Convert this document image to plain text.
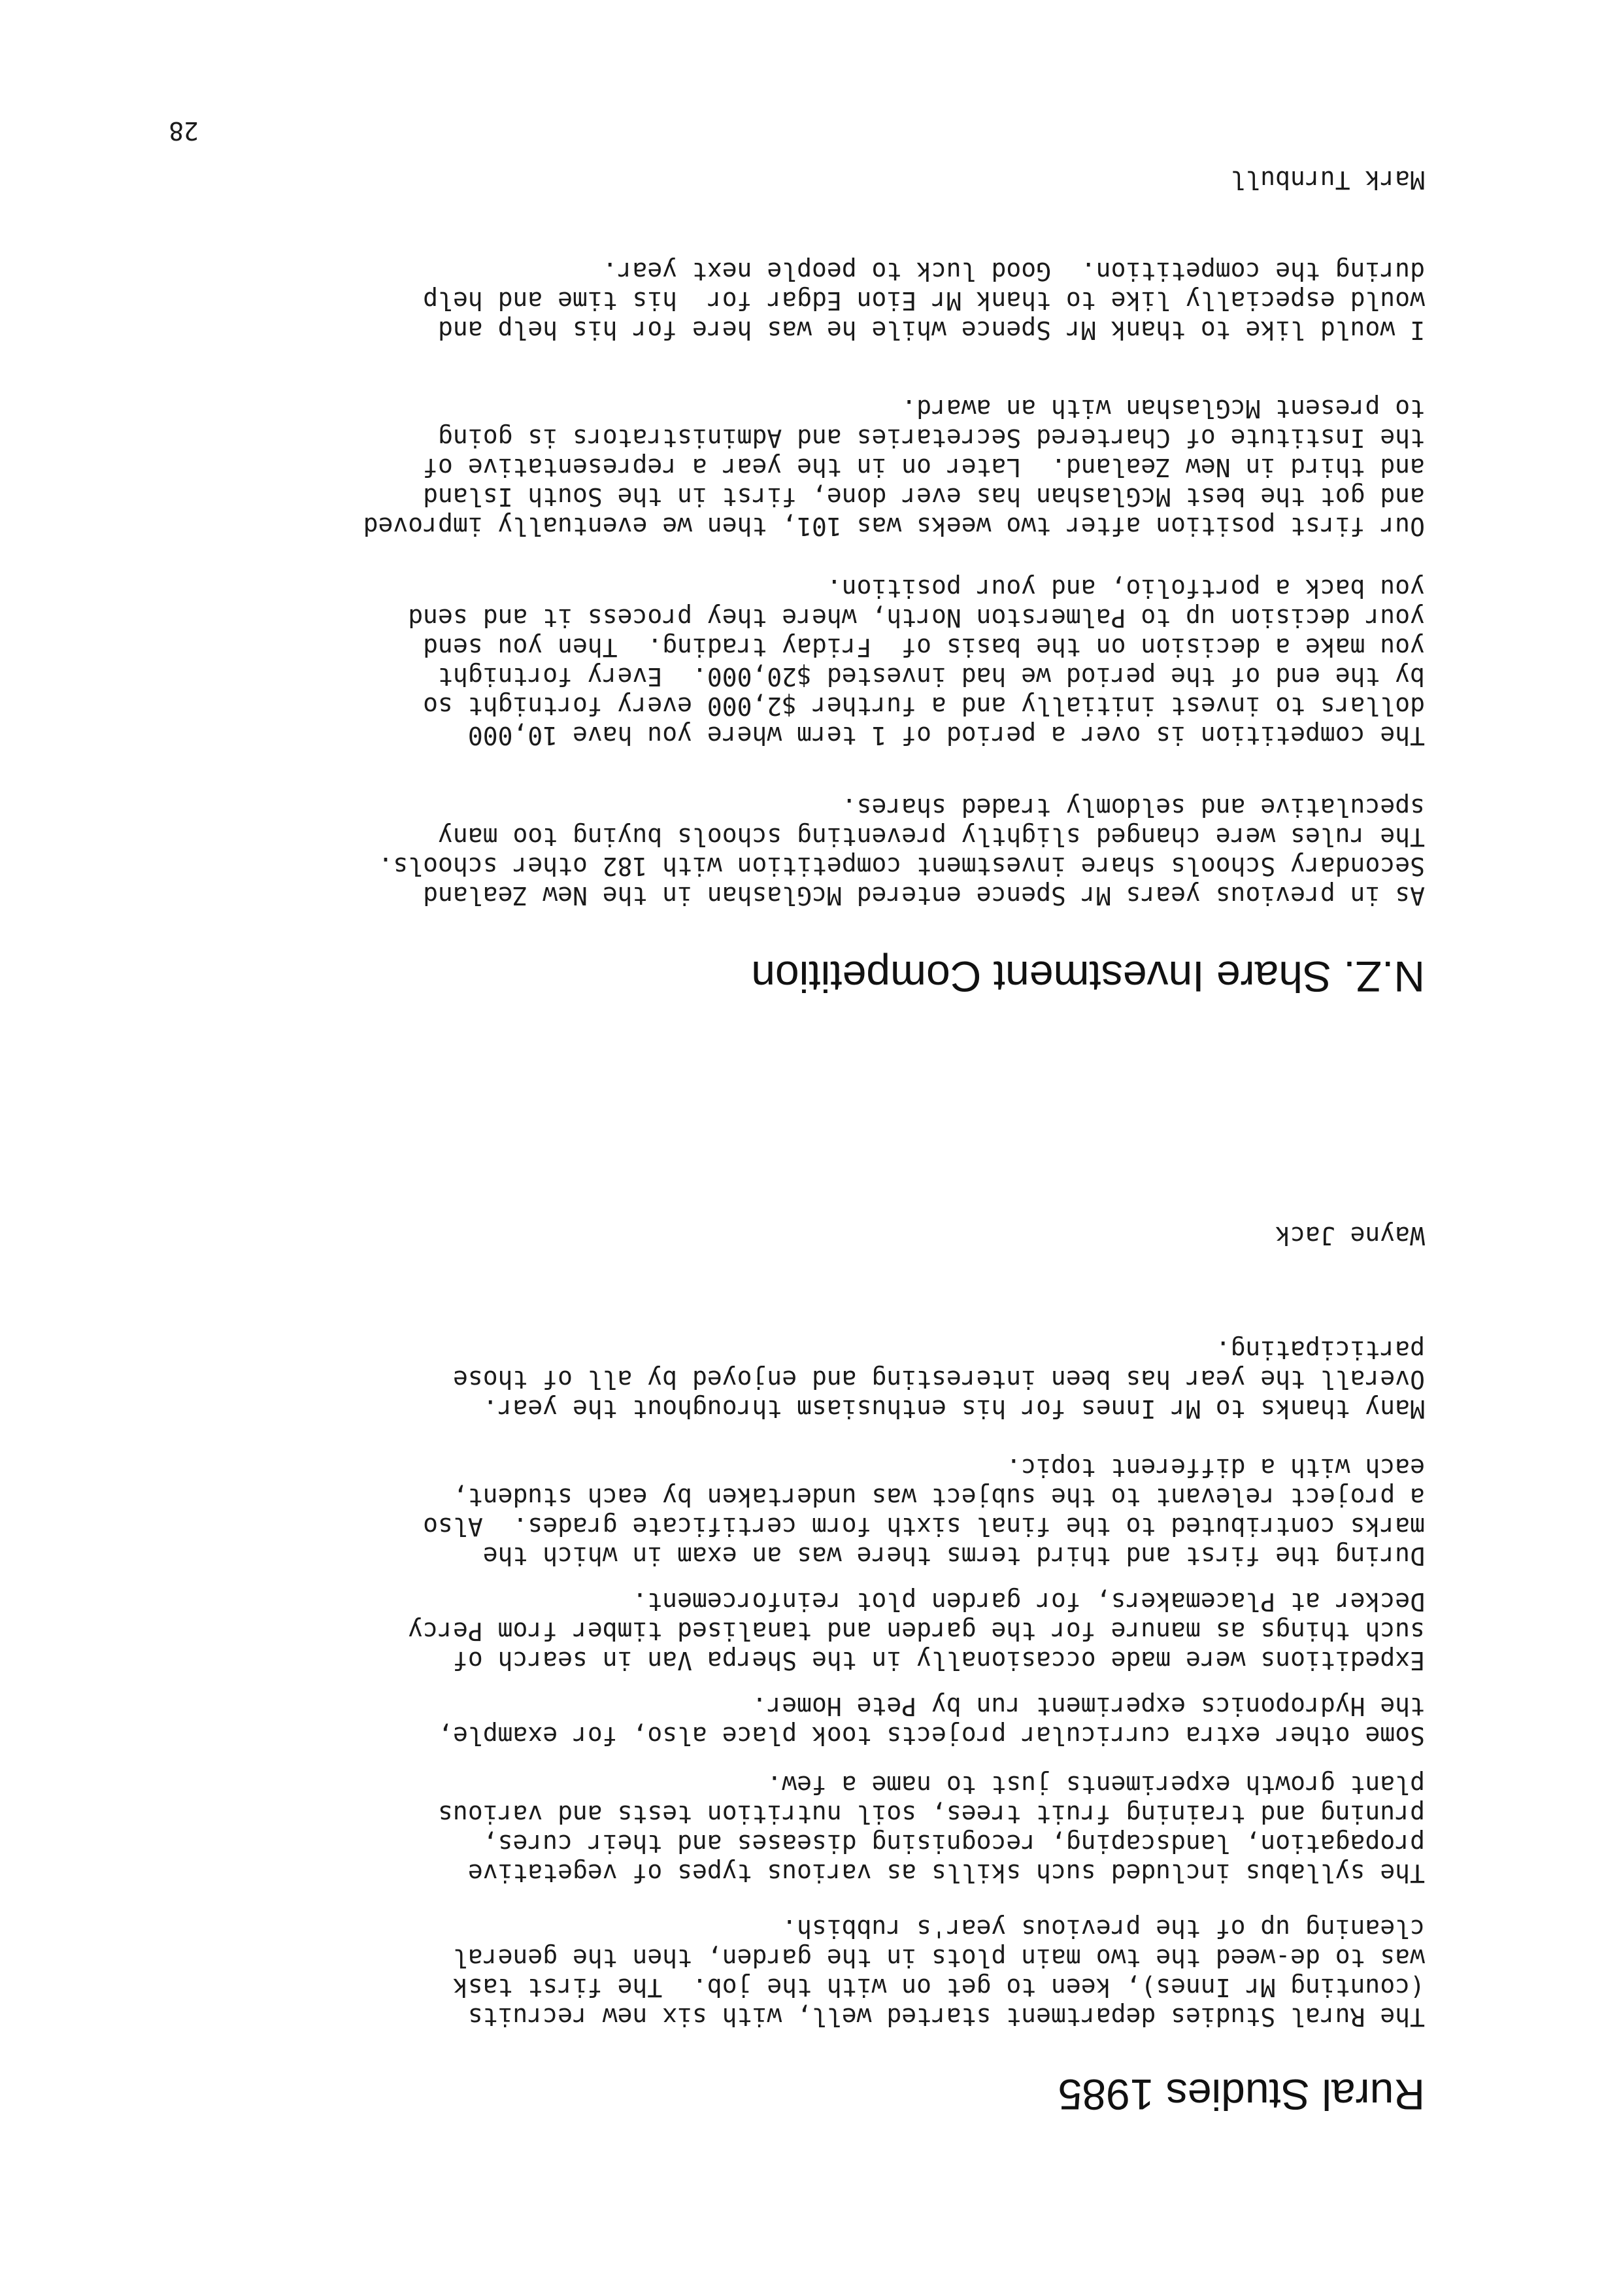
28

Mark Turnbull

I would like to thank Mr Spence while he was here for his help and
would especially like to thank Mr Eion Edgar for  his time and help
during the competition.  Good luck to people next year.
Our first position after two weeks was 101, then we eventually improved
and got the best McGlashan has ever done, first in the South Island
and third in New Zealand.  Later on in the year a representative of
the Institute of Chartered Secretaries and Administrators is going
to present McGlashan with an award.
The competition is over a period of 1 term where you have 10,000
dollars to invest initially and a further $2,000 every fortnight so
by the end of the period we had invested $20,000.  Every fortnight
you make a decision on the basis of  Friday trading.  Then you send
your decision up to Palmerston North, where they process it and send
you back a portfolio, and your position.
As in previous years Mr Spence entered McGlashan in the New Zealand
Secondary Schools share investment competition with 182 other schools.
The rules were changed slightly preventing schools buying too many
speculative and seldomly traded shares.
N.Z. Share Investment Competition

Wayne Jack

Many thanks to Mr Innes for his enthusiasm throughout the year.
Overall the year has been interesting and enjoyed by all of those
participating.
During the first and third terms there was an exam in which the
marks contributed to the final sixth form certificate grades.  Also
a project relevant to the subject was undertaken by each student,
each with a different topic.
Expeditions were made occasionally in the Sherpa Van in search of
such things as manure for the garden and tanalised timber from Percy
Decker at Placemakers, for garden plot reinforcement.
Some other extra curricular projects took place also, for example,
the Hydroponics experiment run by Pete Homer.
The syllabus included such skills as various types of vegetative
propagation, landscaping, recognising diseases and their cures,
pruning and training fruit trees, soil nutrition tests and various
plant growth experiments just to name a few.
The Rural Studies department started well, with six new recruits
(counting Mr Innes), keen to get on with the job.  The first task
was to de-weed the two main plots in the garden, then the general
cleaning up of the previous year's rubbish.
Rural Studies 1985
